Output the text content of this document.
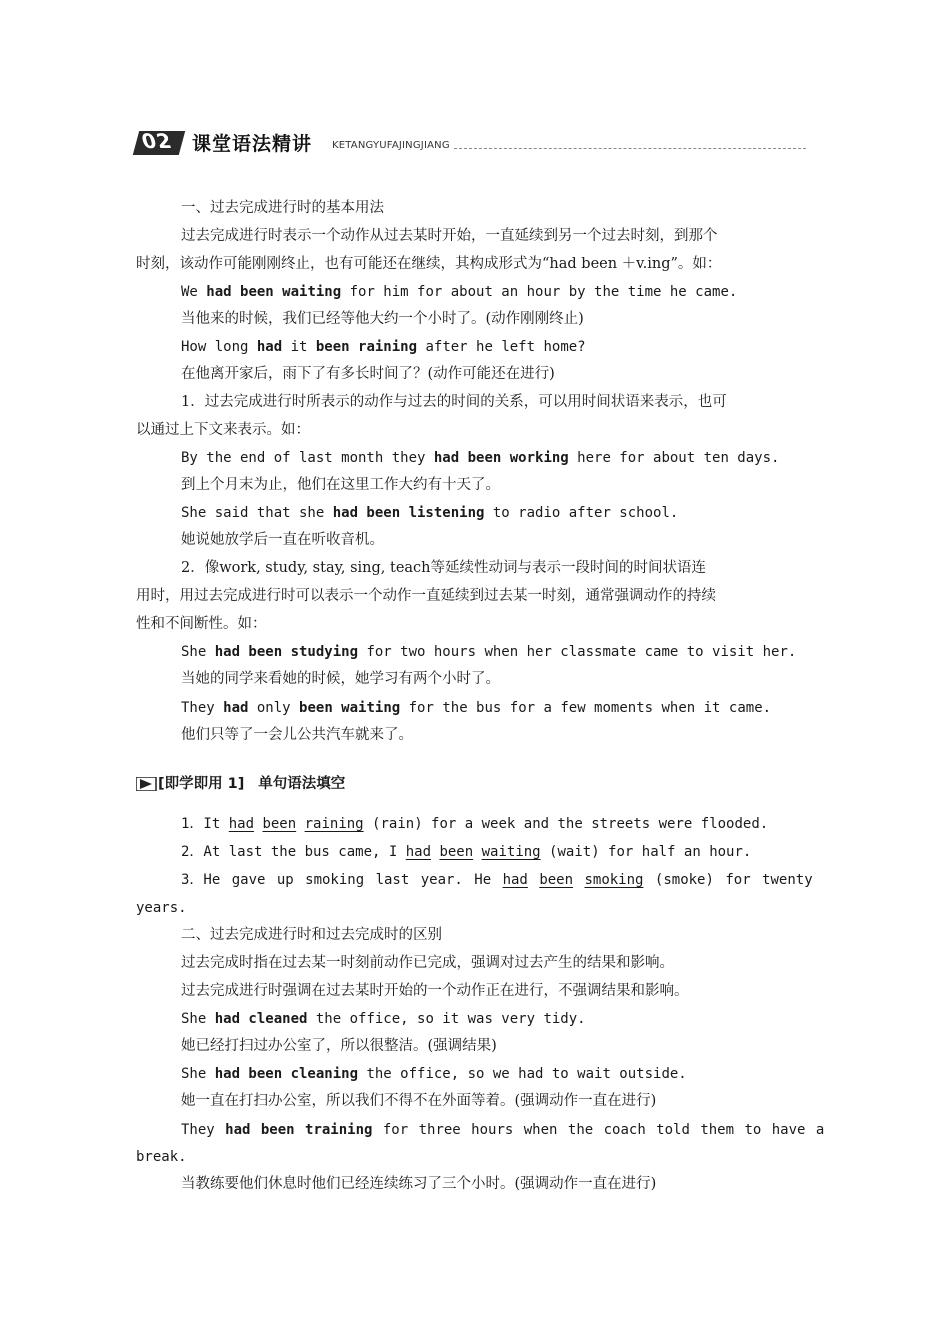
02 课堂语法精讲 KETANGYUFAJINGJIANG
一、过去完成进行时的基本用法
过去完成进行时表示一个动作从过去某时开始，一直延续到另一个过去时刻，到那个
时刻，该动作可能刚刚终止，也有可能还在继续，其构成形式为“had been ＋v.ing”。如：
We had been waiting for him for about an hour by the time he came.
当他来的时候，我们已经等他大约一个小时了。(动作刚刚终止)
How long had it been raining after he left home?
在他离开家后，雨下了有多长时间了？(动作可能还在进行)
1．过去完成进行时所表示的动作与过去的时间的关系，可以用时间状语来表示，也可
以通过上下文来表示。如：
By the end of last month they had been working here for about ten days.
到上个月末为止，他们在这里工作大约有十天了。
She said that she had been listening to radio after school.
她说她放学后一直在听收音机。
2．像work, study, stay, sing, teach等延续性动词与表示一段时间的时间状语连
用时，用过去完成进行时可以表示一个动作一直延续到过去某一时刻，通常强调动作的持续
性和不间断性。如：
She had been studying for two hours when her classmate came to visit her.
当她的同学来看她的时候，她学习有两个小时了。
They had only been waiting for the bus for a few moments when it came.
他们只等了一会儿公共汽车就来了。
[即学即用 1] 单句语法填空
1．It had been raining (rain) for a week and the streets were flooded.
2．At last the bus came, I had been waiting (wait) for half an hour.
3．He gave up smoking last year. He had been smoking (smoke) for twenty
years.
二、过去完成进行时和过去完成时的区别
过去完成时指在过去某一时刻前动作已完成，强调对过去产生的结果和影响。
过去完成进行时强调在过去某时开始的一个动作正在进行，不强调结果和影响。
She had cleaned the office, so it was very tidy.
她已经打扫过办公室了，所以很整洁。(强调结果)
She had been cleaning the office, so we had to wait outside.
她一直在打扫办公室，所以我们不得不在外面等着。(强调动作一直在进行)
They had been training for three hours when the coach told them to have a
break.
当教练要他们休息时他们已经连续练习了三个小时。(强调动作一直在进行)
